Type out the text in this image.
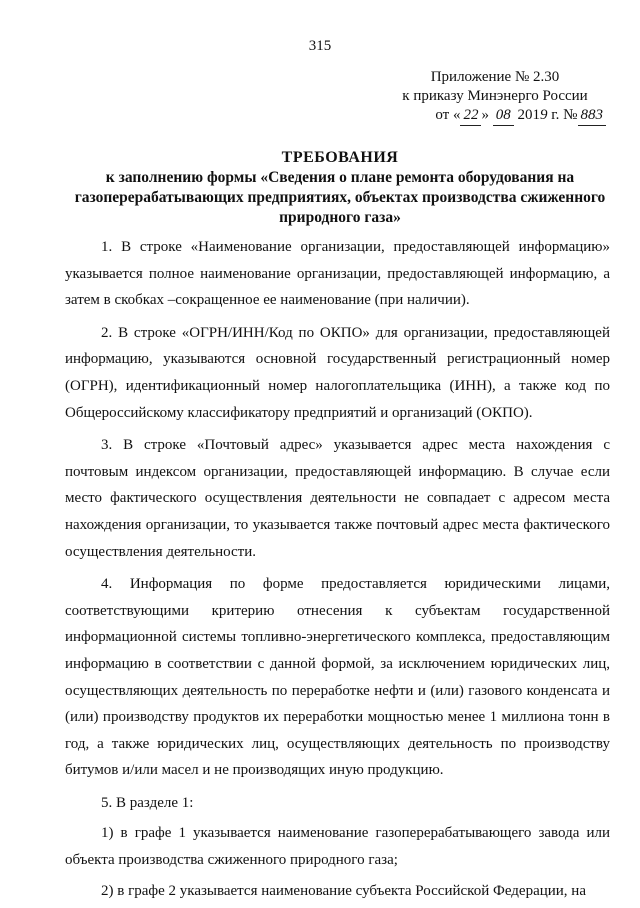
315
Приложение № 2.30
к приказу Минэнерго России
от « 22 » 08 2019 г. № 883
ТРЕБОВАНИЯ
к заполнению формы «Сведения о плане ремонта оборудования на газоперерабатывающих предприятиях, объектах производства сжиженного природного газа»

1. В строке «Наименование организации, предоставляющей информацию» указывается полное наименование организации, предоставляющей информацию, а затем в скобках –сокращенное ее наименование (при наличии).

2. В строке «ОГРН/ИНН/Код по ОКПО» для организации, предоставляющей информацию, указываются основной государственный регистрационный номер (ОГРН), идентификационный номер налогоплательщика (ИНН), а также код по Общероссийскому классификатору предприятий и организаций (ОКПО).

3. В строке «Почтовый адрес» указывается адрес места нахождения с почтовым индексом организации, предоставляющей информацию. В случае если место фактического осуществления деятельности не совпадает с адресом места нахождения организации, то указывается также почтовый адрес места фактического осуществления деятельности.

4. Информация по форме предоставляется юридическими лицами, соответствующими критерию отнесения к субъектам государственной информационной системы топливно-энергетического комплекса, предоставляющим информацию в соответствии с данной формой, за исключением юридических лиц, осуществляющих деятельность по переработке нефти и (или) газового конденсата и (или) производству продуктов их переработки мощностью менее 1 миллиона тонн в год, а также юридических лиц, осуществляющих деятельность по производству битумов и/или масел и не производящих иную продукцию.

5. В разделе 1:

1) в графе 1 указывается наименование газоперерабатывающего завода или объекта производства сжиженного природного газа;

2) в графе 2 указывается наименование субъекта Российской Федерации, на
